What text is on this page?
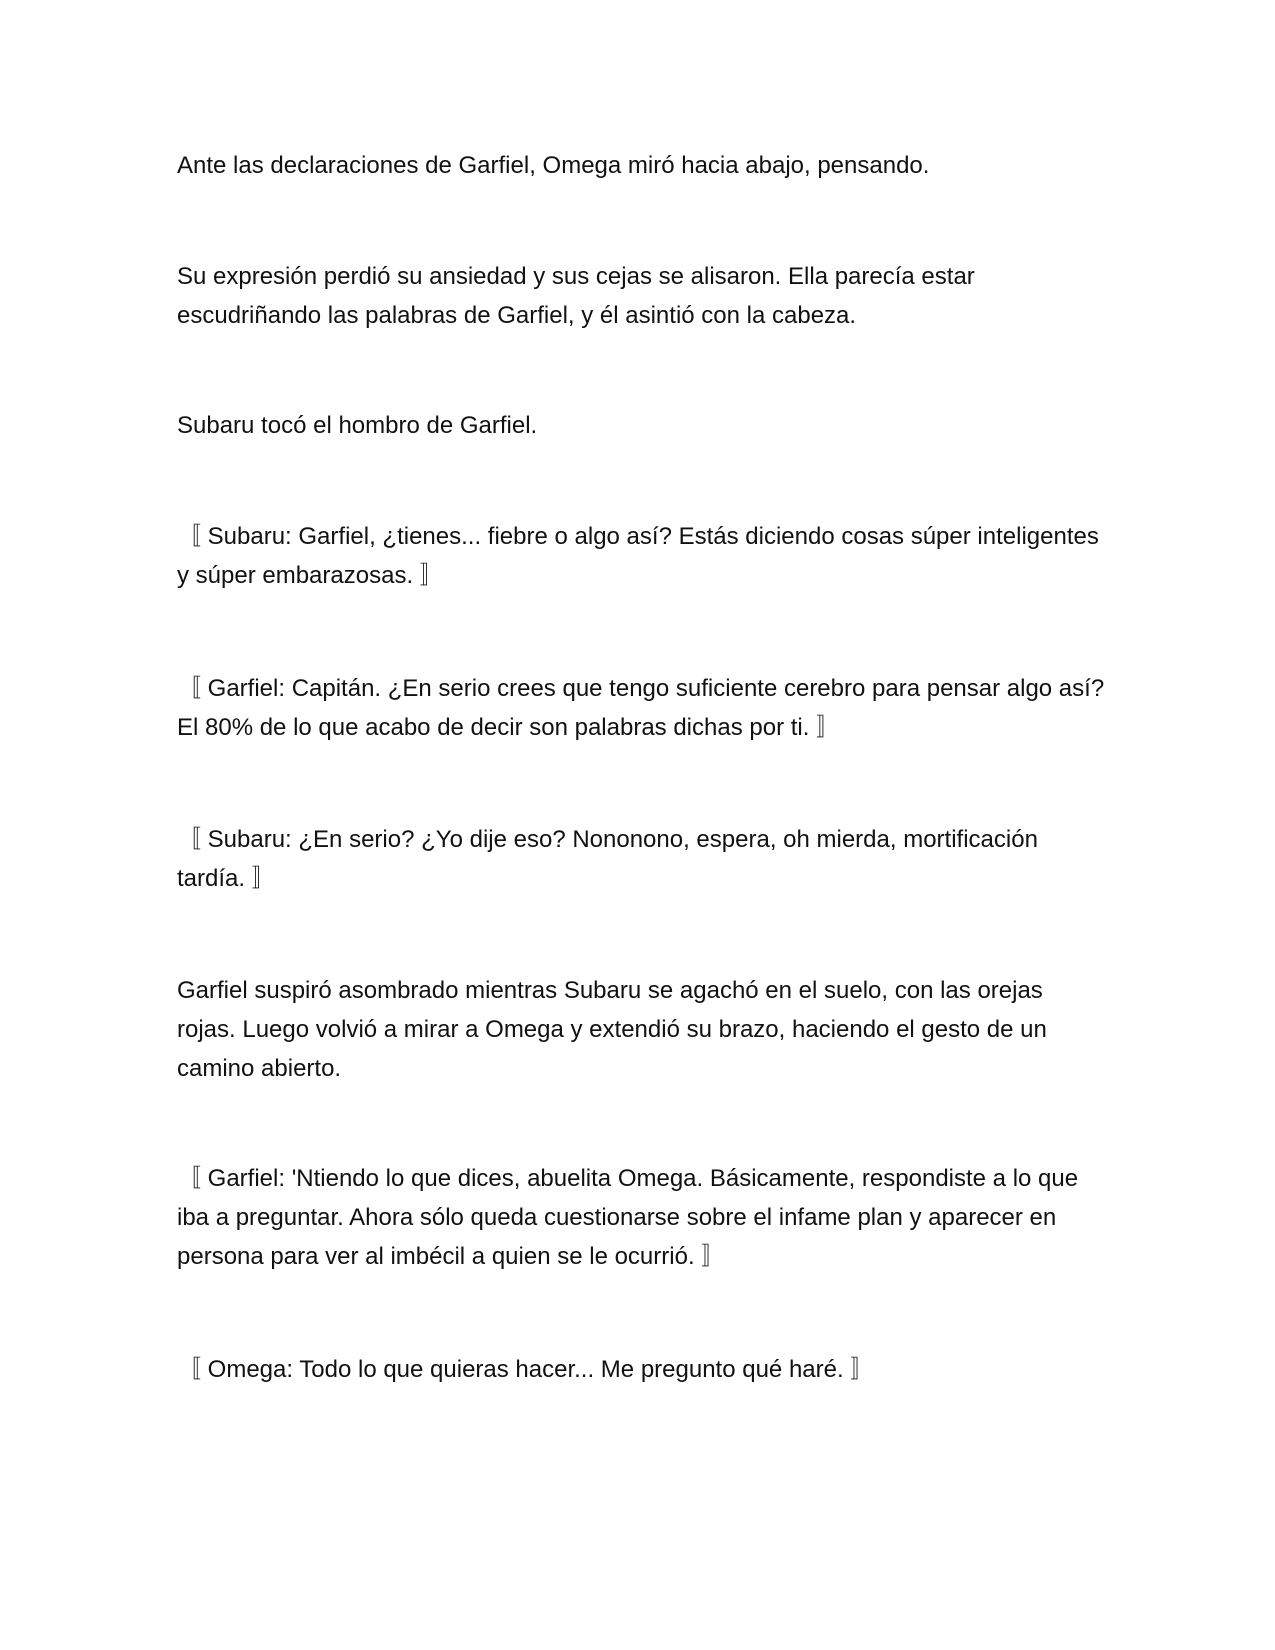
Ante las declaraciones de Garfiel, Omega miró hacia abajo, pensando.

Su expresión perdió su ansiedad y sus cejas se alisaron. Ella parecía estar escudriñando las palabras de Garfiel, y él asintió con la cabeza.

Subaru tocó el hombro de Garfiel.

〚 Subaru: Garfiel, ¿tienes... fiebre o algo así? Estás diciendo cosas súper inteligentes y súper embarazosas. 〛

〚 Garfiel: Capitán. ¿En serio crees que tengo suficiente cerebro para pensar algo así? El 80% de lo que acabo de decir son palabras dichas por ti. 〛

〚 Subaru: ¿En serio? ¿Yo dije eso? Nononono, espera, oh mierda, mortificación tardía. 〛

Garfiel suspiró asombrado mientras Subaru se agachó en el suelo, con las orejas rojas. Luego volvió a mirar a Omega y extendió su brazo, haciendo el gesto de un camino abierto.

〚 Garfiel: 'Ntiendo lo que dices, abuelita Omega. Básicamente, respondiste a lo que iba a preguntar. Ahora sólo queda cuestionarse sobre el infame plan y aparecer en persona para ver al imbécil a quien se le ocurrió. 〛

〚 Omega: Todo lo que quieras hacer... Me pregunto qué haré. 〛
